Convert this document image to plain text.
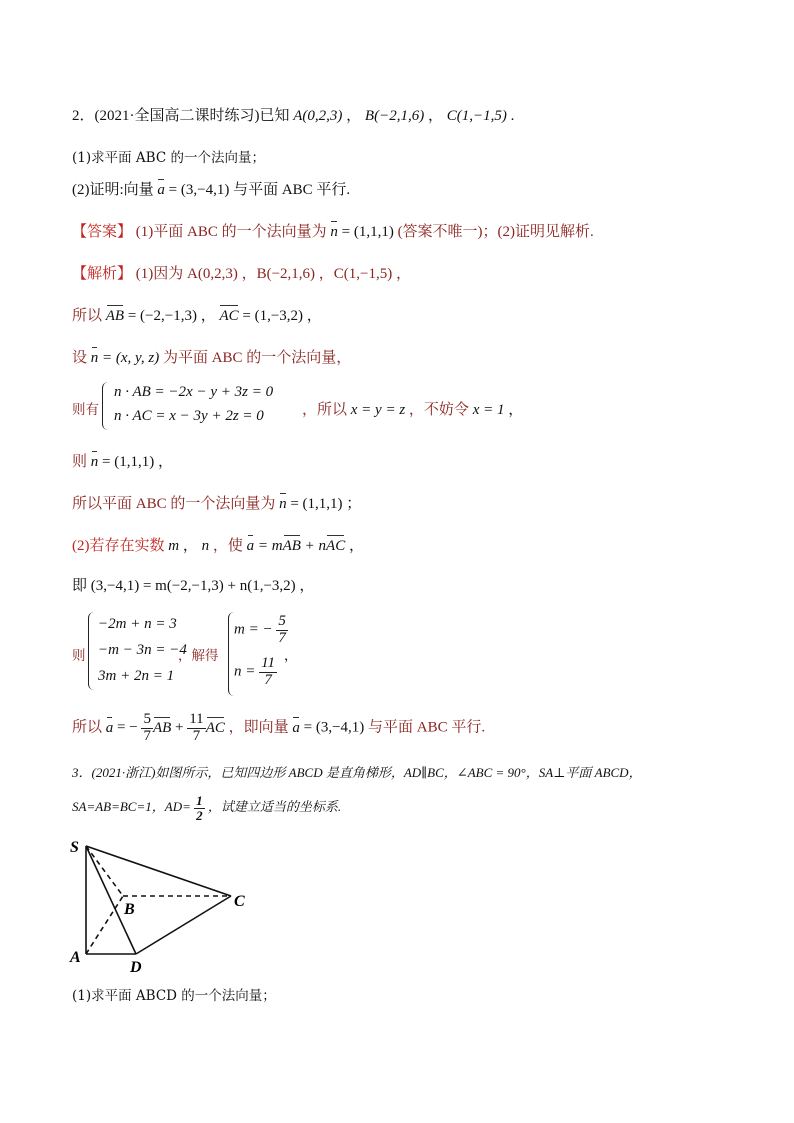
2．(2021·全国高二课时练习)已知 A(0,2,3) ， B(−2,1,6) ， C(1,−1,5) .
(1)求平面 ABC 的一个法向量；
(2)证明:向量 a = (3,−4,1) 与平面 ABC 平行.
【答案】 (1)平面 ABC 的一个法向量为 n = (1,1,1) (答案不唯一)；(2)证明见解析.
【解析】 (1)因为 A(0,2,3) ，B(−2,1,6) ，C(1,−1,5) ，
所以 AB = (−2,−1,3) ， AC = (1,−3,2) ，
设 n = (x, y, z) 为平面 ABC 的一个法向量，
则有
n · AB = −2x − y + 3z = 0
n · AC = x − 3y + 2z = 0	，所以 x = y = z ，不妨令 x = 1 ，
则 n = (1,1,1) ，
所以平面 ABC 的一个法向量为 n = (1,1,1) ；
(2)若存在实数 m ， n ，使 a = mAB + nAC ，
即 (3,−4,1) = m(−2,−1,3) + n(1,−3,2) ，
则
−2m + n = 3
−m − 3n = −4
3m + 2n = 1
，解得
m = − $\frac{5}{7}$
$n = \frac{11}{7}$ ，
所以 a = − $\frac{5}{7}$ AB + $\frac{11}{7}$ AC ，即向量 a = (3,−4,1) 与平面 ABC 平行.
3．(2021·浙江)如图所示，已知四边形 ABCD 是直角梯形，AD∥BC，∠ABC = 90°，SA⊥平面 ABCD，
SA=AB=BC=1，$AD= \frac{1}{2}$ ，试建立适当的坐标系.
S
A
B	C
D
(1)求平面 ABCD 的一个法向量；
